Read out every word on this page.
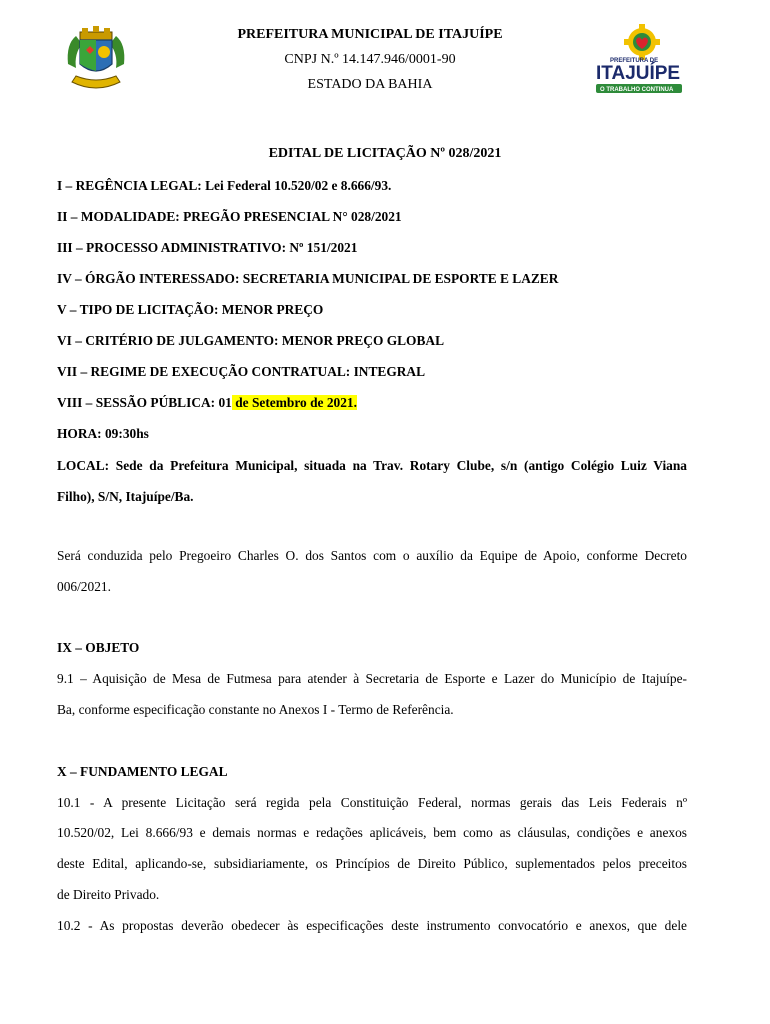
PREFEITURA MUNICIPAL DE ITAJUÍPE
CNPJ N.º 14.147.946/0001-90
ESTADO DA BAHIA
PREFEITURA DE
ITAJUÍPE
O TRABALHO CONTINUA
EDITAL DE LICITAÇÃO Nº 028/2021
I – REGÊNCIA LEGAL: Lei Federal 10.520/02 e 8.666/93.
II – MODALIDADE: PREGÃO PRESENCIAL N° 028/2021
III – PROCESSO ADMINISTRATIVO: Nº 151/2021
IV – ÓRGÃO INTERESSADO: SECRETARIA MUNICIPAL DE ESPORTE E LAZER
V – TIPO DE LICITAÇÃO: MENOR PREÇO
VI – CRITÉRIO DE JULGAMENTO: MENOR PREÇO GLOBAL
VII – REGIME DE EXECUÇÃO CONTRATUAL: INTEGRAL
VIII – SESSÃO PÚBLICA: 01 de Setembro de 2021.
HORA: 09:30hs
LOCAL: Sede da Prefeitura Municipal, situada na Trav. Rotary Clube, s/n (antigo Colégio Luiz Viana
Filho), S/N, Itajuípe/Ba.
Será conduzida pelo Pregoeiro Charles O. dos Santos com o auxílio da Equipe de Apoio, conforme Decreto
006/2021.
IX – OBJETO
9.1 – Aquisição de Mesa de Futmesa para atender à Secretaria de Esporte e Lazer do Município de Itajuípe-
Ba, conforme especificação constante no Anexos I - Termo de Referência.
X – FUNDAMENTO LEGAL
10.1 - A presente Licitação será regida pela Constituição Federal, normas gerais das Leis Federais nº
10.520/02, Lei 8.666/93 e demais normas e redações aplicáveis, bem como as cláusulas, condições e anexos
deste Edital, aplicando-se, subsidiariamente, os Princípios de Direito Público, suplementados pelos preceitos
de Direito Privado.
10.2 - As propostas deverão obedecer às especificações deste instrumento convocatório e anexos, que dele
